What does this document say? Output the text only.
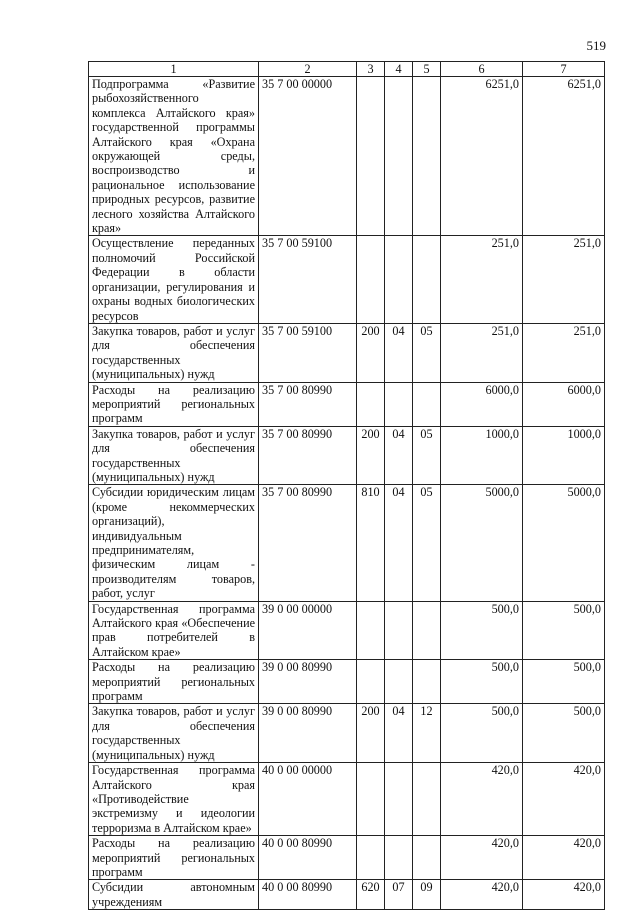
519
1	2	3	4	5	6	7
Подпрограмма «Развитие рыбохозяйственного комплекса Алтайского края» государственной программы Алтайского края «Охрана окружающей среды, воспроизводство и рациональное использование природных ресурсов, развитие лесного хозяйства Алтайского края»	35 7 00 00000				6251,0	6251,0
Осуществление переданных полномочий Российской Федерации в области организации, регулирования и охраны водных биологических ресурсов	35 7 00 59100				251,0	251,0
Закупка товаров, работ и услуг для обеспечения государственных (муниципальных) нужд	35 7 00 59100	200	04	05	251,0	251,0
Расходы на реализацию мероприятий региональных программ	35 7 00 80990				6000,0	6000,0
Закупка товаров, работ и услуг для обеспечения государственных (муниципальных) нужд	35 7 00 80990	200	04	05	1000,0	1000,0
Субсидии юридическим лицам (кроме некоммерческих организаций), индивидуальным предпринимателям, физическим лицам - производителям товаров, работ, услуг	35 7 00 80990	810	04	05	5000,0	5000,0
Государственная программа Алтайского края «Обеспечение прав потребителей в Алтайском крае»	39 0 00 00000				500,0	500,0
Расходы на реализацию мероприятий региональных программ	39 0 00 80990				500,0	500,0
Закупка товаров, работ и услуг для обеспечения государственных (муниципальных) нужд	39 0 00 80990	200	04	12	500,0	500,0
Государственная программа Алтайского края «Противодействие экстремизму и идеологии терроризма в Алтайском крае»	40 0 00 00000				420,0	420,0
Расходы на реализацию мероприятий региональных программ	40 0 00 80990				420,0	420,0
Субсидии автономным учреждениям	40 0 00 80990	620	07	09	420,0	420,0
